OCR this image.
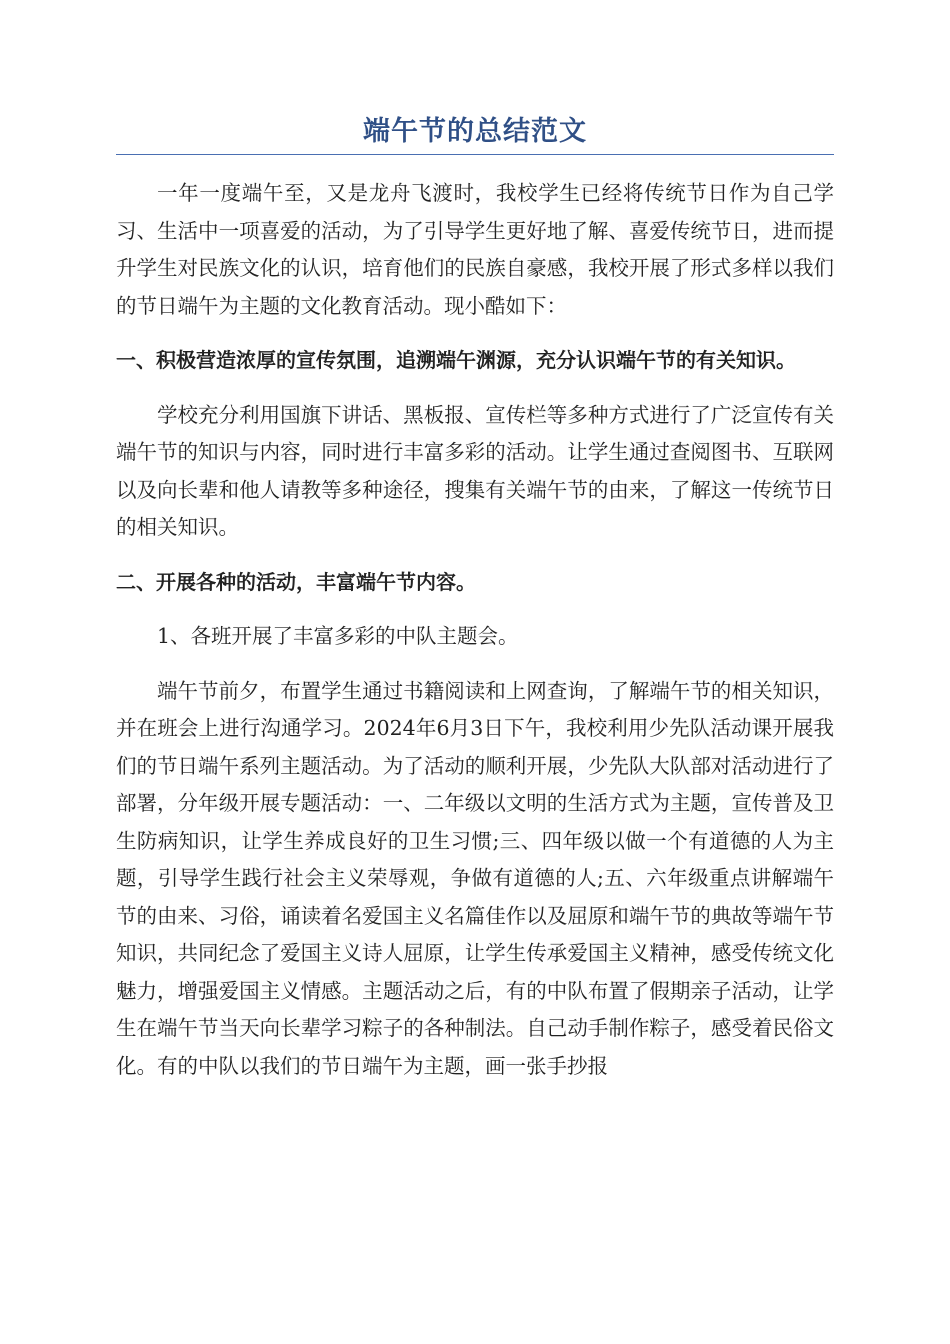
端午节的总结范文

一年一度端午至，又是龙舟飞渡时，我校学生已经将传统节日作为自己学习、生活中一项喜爱的活动，为了引导学生更好地了解、喜爱传统节日，进而提升学生对民族文化的认识，培育他们的民族自豪感，我校开展了形式多样以我们的节日端午为主题的文化教育活动。现小酷如下：

一、积极营造浓厚的宣传氛围，追溯端午渊源，充分认识端午节的有关知识。

学校充分利用国旗下讲话、黑板报、宣传栏等多种方式进行了广泛宣传有关端午节的知识与内容，同时进行丰富多彩的活动。让学生通过查阅图书、互联网以及向长辈和他人请教等多种途径，搜集有关端午节的由来，了解这一传统节日的相关知识。

二、开展各种的活动，丰富端午节内容。

1、各班开展了丰富多彩的中队主题会。

端午节前夕，布置学生通过书籍阅读和上网查询，了解端午节的相关知识，并在班会上进行沟通学习。2024年6月3日下午，我校利用少先队活动课开展我们的节日端午系列主题活动。为了活动的顺利开展，少先队大队部对活动进行了部署，分年级开展专题活动：一、二年级以文明的生活方式为主题，宣传普及卫生防病知识，让学生养成良好的卫生习惯;三、四年级以做一个有道德的人为主题，引导学生践行社会主义荣辱观，争做有道德的人;五、六年级重点讲解端午节的由来、习俗，诵读着名爱国主义名篇佳作以及屈原和端午节的典故等端午节知识，共同纪念了爱国主义诗人屈原，让学生传承爱国主义精神，感受传统文化魅力，增强爱国主义情感。主题活动之后，有的中队布置了假期亲子活动，让学生在端午节当天向长辈学习粽子的各种制法。自己动手制作粽子，感受着民俗文化。有的中队以我们的节日端午为主题，画一张手抄报
